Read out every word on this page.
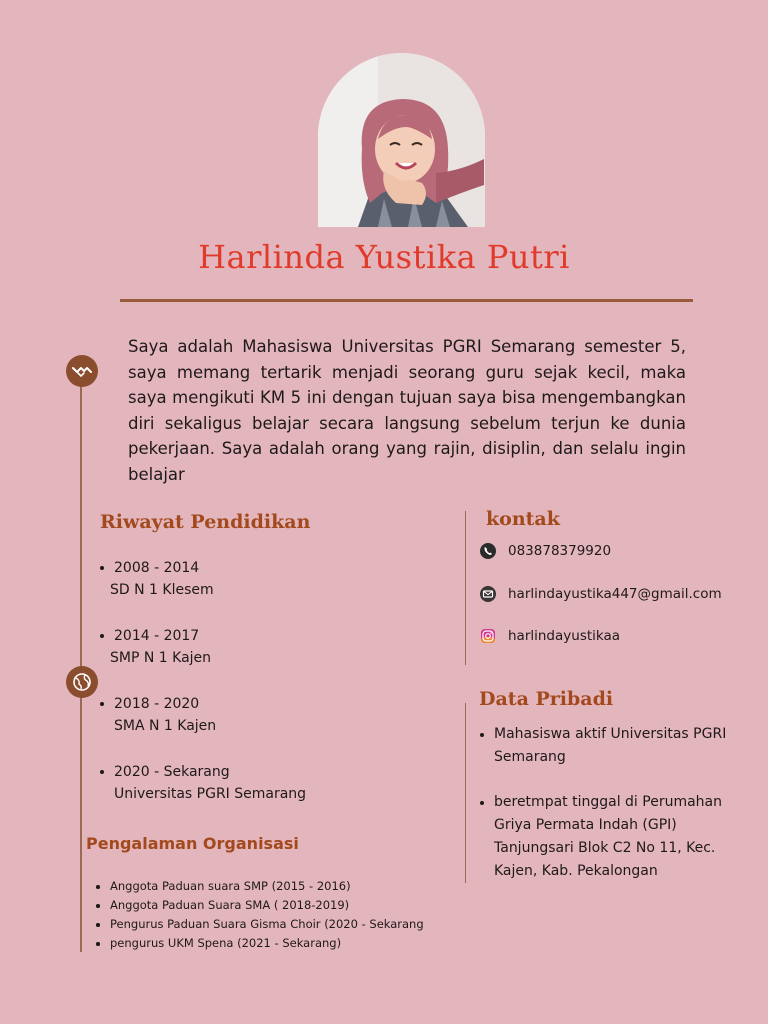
Harlinda Yustika Putri
Saya adalah Mahasiswa Universitas PGRI Semarang semester 5, saya memang tertarik menjadi seorang guru sejak kecil, maka saya mengikuti KM 5 ini dengan tujuan saya bisa mengembangkan diri sekaligus belajar secara langsung sebelum terjun ke dunia pekerjaan. Saya adalah orang yang rajin, disiplin, dan selalu ingin belajar
Riwayat Pendidikan
2008 - 2014
SD N 1 Klesem
2014 - 2017
SMP N 1 Kajen
2018 - 2020
SMA N 1 Kajen
2020 - Sekarang
Universitas PGRI Semarang
kontak
083878379920
harlindayustika447@gmail.com
harlindayustikaa
Data Pribadi
Mahasiswa aktif Universitas PGRI Semarang
beretmpat tinggal di Perumahan Griya Permata Indah (GPI) Tanjungsari Blok C2 No 11, Kec. Kajen, Kab. Pekalongan
Pengalaman Organisasi
Anggota Paduan suara SMP (2015 - 2016)
Anggota Paduan Suara SMA ( 2018-2019)
Pengurus Paduan Suara Gisma Choir (2020 - Sekarang
pengurus UKM Spena (2021 - Sekarang)
